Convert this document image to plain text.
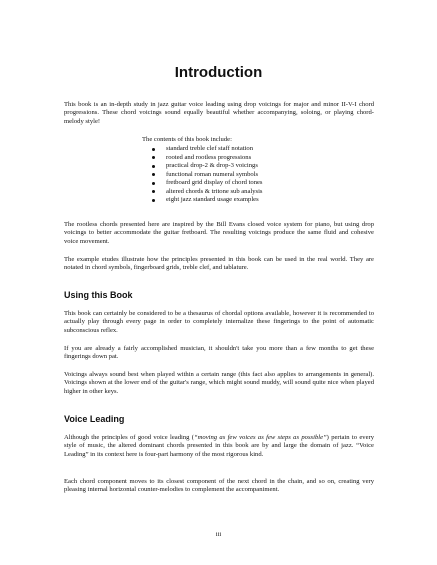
Introduction

This book is an in-depth study in jazz guitar voice leading using drop voicings for major and minor II-V-I chord progressions. These chord voicings sound equally beautiful whether accompanying, soloing, or playing chord-melody style!

The contents of this book include:

standard treble clef staff notation
rooted and rootless progressions
practical drop-2 & drop-3 voicings
functional roman numeral symbols
fretboard grid display of chord tones
altered chords & tritone sub analysis
eight jazz standard usage examples

The rootless chords presented here are inspired by the Bill Evans closed voice system for piano, but using drop voicings to better accommodate the guitar fretboard. The resulting voicings produce the same fluid and cohesive voice movement.

The example etudes illustrate how the principles presented in this book can be used in the real world. They are notated in chord symbols, fingerboard grids, treble clef, and tablature.

Using this Book

This book can certainly be considered to be a thesaurus of chordal options available, however it is recommended to actually play through every page in order to completely internalize these fingerings to the point of automatic subconscious reflex.

If you are already a fairly accomplished musician, it shouldn't take you more than a few months to get these fingerings down pat.

Voicings always sound best when played within a certain range (this fact also applies to arrangements in general). Voicings shown at the lower end of the guitar's range, which might sound muddy, will sound quite nice when played higher in other keys.

Voice Leading

Although the principles of good voice leading (“moving as few voices as few steps as possible”) pertain to every style of music, the altered dominant chords presented in this book are by and large the domain of jazz. “Voice Leading” in its context here is four-part harmony of the most rigorous kind.

Each chord component moves to its closest component of the next chord in the chain, and so on, creating very pleasing internal horizontal counter-melodies to complement the accompaniment.

iii
